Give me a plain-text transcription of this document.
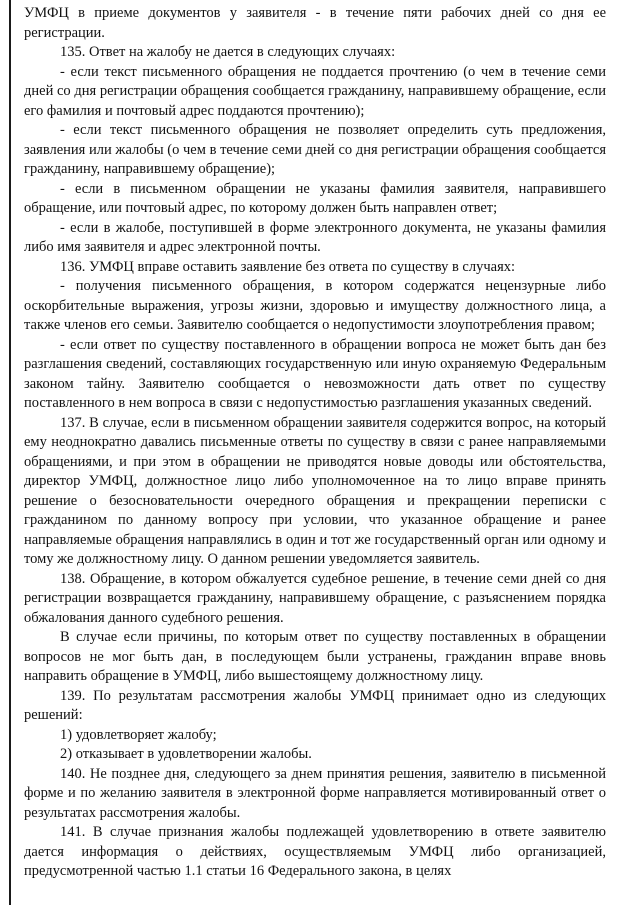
УМФЦ в приеме документов у заявителя - в течение пяти рабочих дней со дня ее регистрации.

135. Ответ на жалобу не дается в следующих случаях:

- если текст письменного обращения не поддается прочтению (о чем в течение семи дней со дня регистрации обращения сообщается гражданину, направившему обращение, если его фамилия и почтовый адрес поддаются прочтению);

- если текст письменного обращения не позволяет определить суть предложения, заявления или жалобы (о чем в течение семи дней со дня регистрации обращения сообщается гражданину, направившему обращение);

- если в письменном обращении не указаны фамилия заявителя, направившего обращение, или почтовый адрес, по которому должен быть направлен ответ;

- если в жалобе, поступившей в форме электронного документа, не указаны фамилия либо имя заявителя и адрес электронной почты.

136. УМФЦ вправе оставить заявление без ответа по существу в случаях:

- получения письменного обращения, в котором содержатся нецензурные либо оскорбительные выражения, угрозы жизни, здоровью и имуществу должностного лица, а также членов его семьи. Заявителю сообщается о недопустимости злоупотребления правом;

- если ответ по существу поставленного в обращении вопроса не может быть дан без разглашения сведений, составляющих государственную или иную охраняемую Федеральным законом тайну. Заявителю сообщается о невозможности дать ответ по существу поставленного в нем вопроса в связи с недопустимостью разглашения указанных сведений.

137. В случае, если в письменном обращении заявителя содержится вопрос, на который ему неоднократно давались письменные ответы по существу в связи с ранее направляемыми обращениями, и при этом в обращении не приводятся новые доводы или обстоятельства, директор УМФЦ, должностное лицо либо уполномоченное на то лицо вправе принять решение о безосновательности очередного обращения и прекращении переписки с гражданином по данному вопросу при условии, что указанное обращение и ранее направляемые обращения направлялись в один и тот же государственный орган или одному и тому же должностному лицу. О данном решении уведомляется заявитель.

138. Обращение, в котором обжалуется судебное решение, в течение семи дней со дня регистрации возвращается гражданину, направившему обращение, с разъяснением порядка обжалования данного судебного решения.

В случае если причины, по которым ответ по существу поставленных в обращении вопросов не мог быть дан, в последующем были устранены, гражданин вправе вновь направить обращение в УМФЦ, либо вышестоящему должностному лицу.

139. По результатам рассмотрения жалобы УМФЦ принимает одно из следующих решений:

1) удовлетворяет жалобу;

2) отказывает в удовлетворении жалобы.

140. Не позднее дня, следующего за днем принятия решения, заявителю в письменной форме и по желанию заявителя в электронной форме направляется мотивированный ответ о результатах рассмотрения жалобы.

141. В случае признания жалобы подлежащей удовлетворению в ответе заявителю дается информация о действиях, осуществляемым УМФЦ либо организацией, предусмотренной частью 1.1 статьи 16 Федерального закона, в целях
